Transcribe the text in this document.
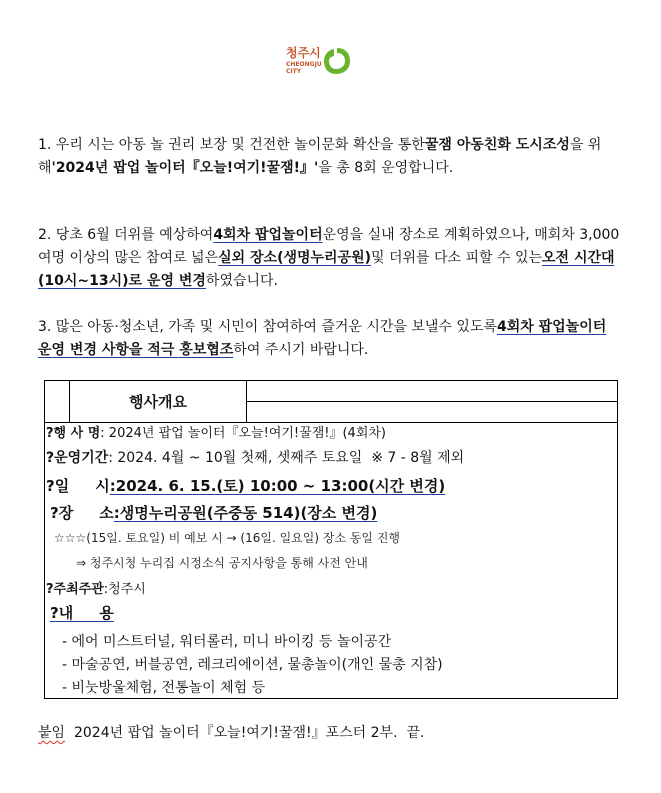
청주시
CHEONGJU
CITY
1. 우리 시는 아동 놀 권리 보장 및 건전한 놀이문화 확산을 통한꿀잼 아동친화 도시조성을 위해'2024년 팝업 놀이터『오늘!여기!꿀잼!』'을 총 8회 운영합니다.
2. 당초 6월 더위를 예상하여4회차 팝업놀이터운영을 실내 장소로 계획하였으나, 매회차 3,000여명 이상의 많은 참여로 넓은실외 장소(생명누리공원)및 더위를 다소 피할 수 있는오전 시간대(10시~13시)로 운영 변경하였습니다.
3. 많은 아동·청소년, 가족 및 시민이 참여하여 즐거운 시간을 보낼수 있도록4회차 팝업놀이터 운영 변경 사항을 적극 홍보협조하여 주시기 바랍니다.
	행사개요	

?행 사 명: 2024년 팝업 놀이터『오늘!여기!꿀잼!』(4회차)
?운영기간: 2024. 4월 ~ 10월 첫째, 셋째주 토요일 ※ 7 - 8월 제외
?일     시:2024. 6. 15.(토) 10:00 ~ 13:00(시간 변경)
?장     소:생명누리공원(주중동 514)(장소 변경)
☆☆☆(15일. 토요일) 비 예보 시 → (16일. 일요일) 장소 동일 진행
⇒ 청주시청 누리집 시정소식 공지사항을 통해 사전 안내
?주최주관:청주시
?내     용
- 에어 미스트터널, 워터롤러, 미니 바이킹 등 놀이공간
- 마술공연, 버블공연, 레크리에이션, 물총놀이(개인 물총 지참)
- 비눗방울체험, 전통놀이 체험 등
붙임 2024년 팝업 놀이터『오늘!여기!꿀잼!』포스터 2부. 끝.
